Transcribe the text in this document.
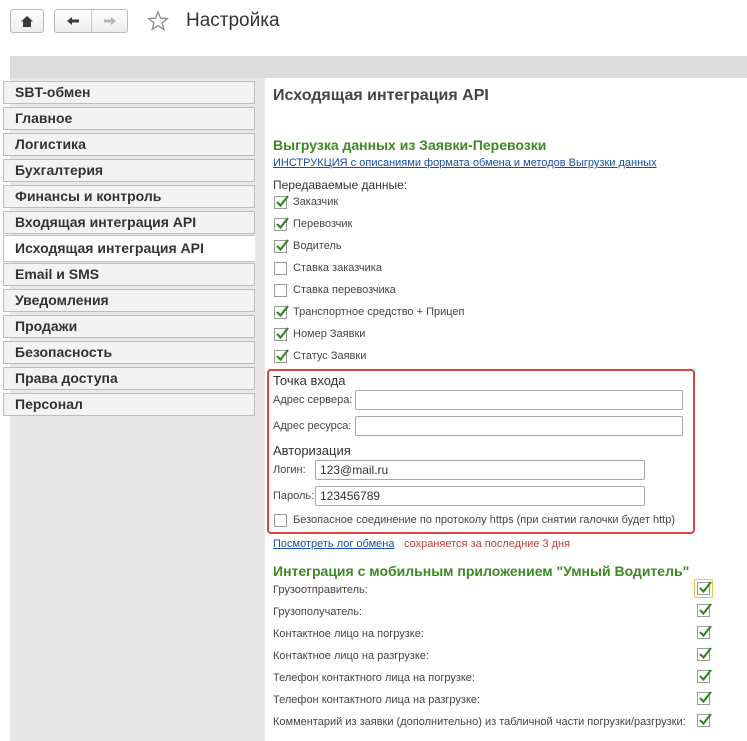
Настройка
SBT-обмен
Главное
Логистика
Бухгалтерия
Финансы и контроль
Входящая интеграция API
Исходящая интеграция API
Email и SMS
Уведомления
Продажи
Безопасность
Права доступа
Персонал
Исходящая интеграция API
Выгрузка данных из Заявки-Перевозки
ИНСТРУКЦИЯ с описаниями формата обмена и методов Выгрузки данных
Передаваемые данные:
Заказчик
Перевозчик
Водитель
Ставка заказчика
Ставка перевозчика
Транспортное средство + Прицеп
Номер Заявки
Статус Заявки
Точка входа
Адрес сервера:
Адрес ресурса:
Авторизация
Логин:
123@mail.ru
Пароль:
123456789
Безопасное соединение по протоколу https (при снятии галочки будет http)
Посмотреть лог обмена сохраняется за последние 3 дня
Интеграция с мобильным приложением "Умный Водитель"
Грузоотправитель:
Грузополучатель:
Контактное лицо на погрузке:
Контактное лицо на разгрузке:
Телефон контактного лица на погрузке:
Телефон контактного лица на разгрузке:
Комментарий из заявки (дополнительно) из табличной части погрузки/разгрузки:
